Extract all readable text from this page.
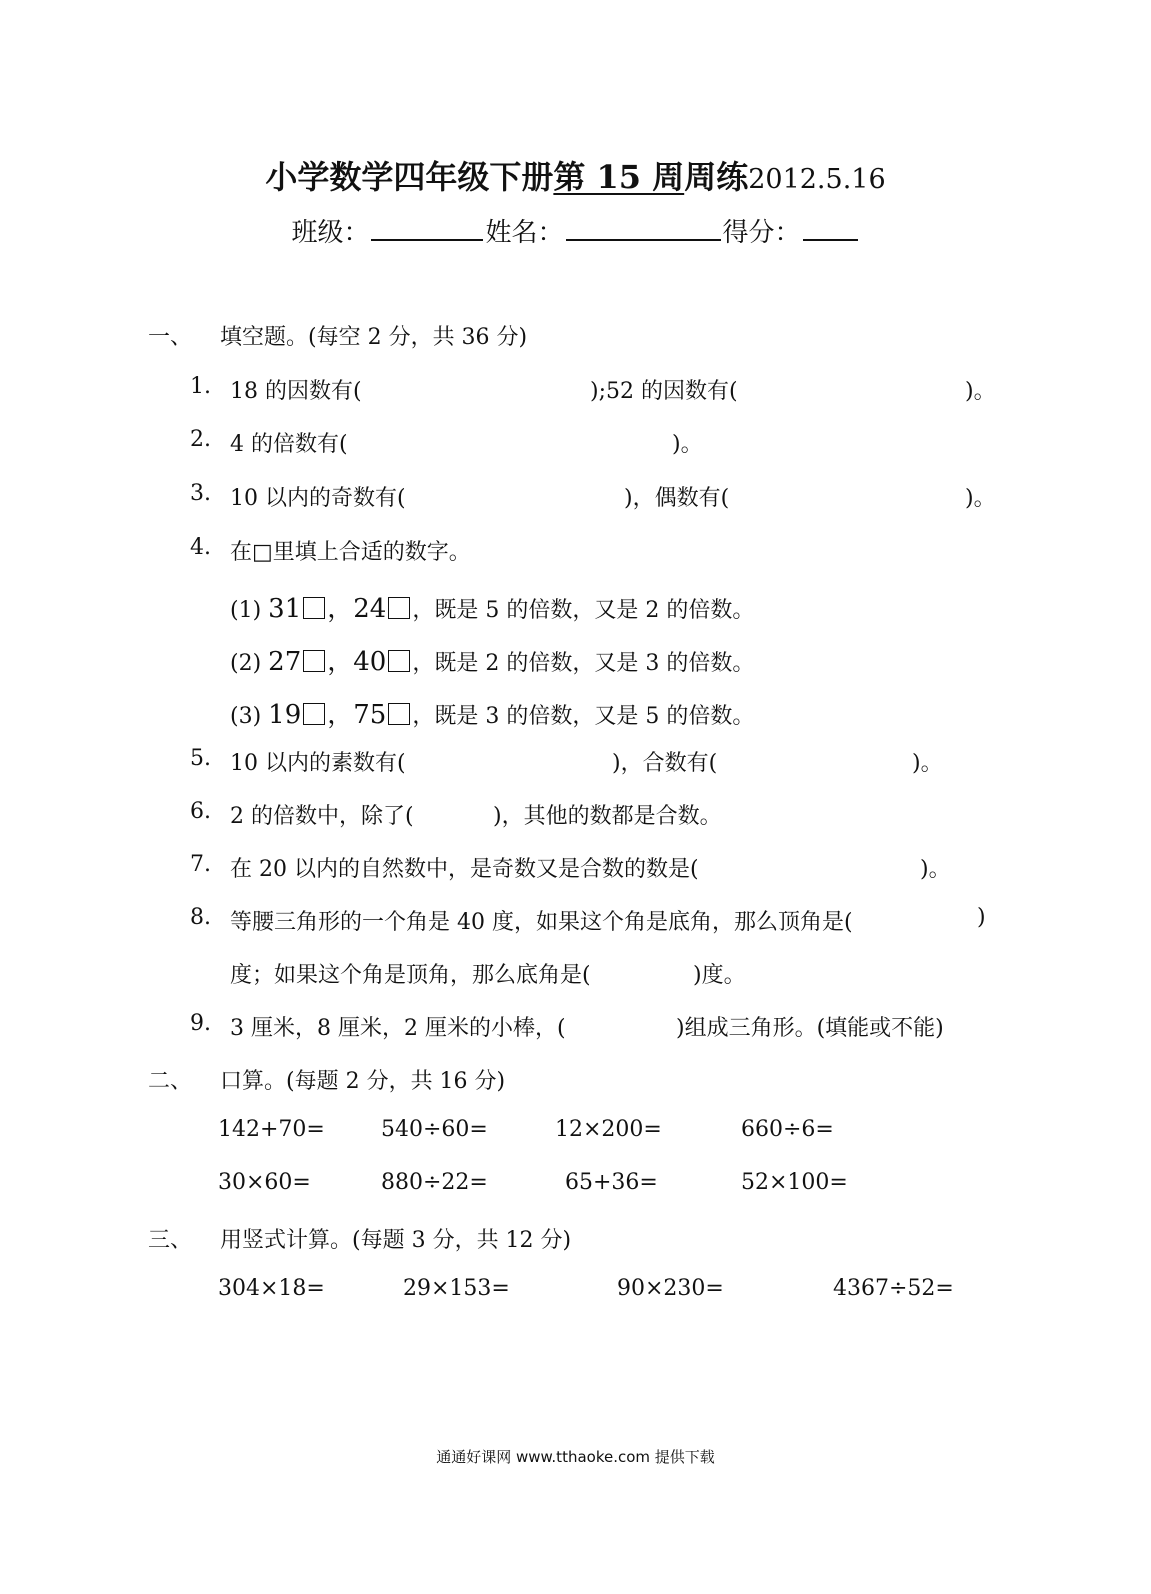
小学数学四年级下册第 15 周周练2012.5.16
班级：	姓名：	得分：
一、 填空题。(每空 2 分，共 36 分)
1. 18 的因数有(	);52 的因数有(	)。
2. 4 的倍数有(	)。
3. 10 以内的奇数有(	)，偶数有(	)。
4. 在□里填上合适的数字。
(1) 31 ，24 ，既是 5 的倍数，又是 2 的倍数。
(2) 27 ，40 ，既是 2 的倍数，又是 3 的倍数。
(3) 19 ，75 ，既是 3 的倍数，又是 5 的倍数。
5. 10 以内的素数有(	)，合数有(	)。
6. 2 的倍数中，除了(	)，其他的数都是合数。
7. 在 20 以内的自然数中，是奇数又是合数的数是(	)。
8. 等腰三角形的一个角是 40 度，如果这个角是底角，那么顶角是(	)
度；如果这个角是顶角，那么底角是(	)度。
9. 3 厘米，8 厘米，2 厘米的小棒，(	)组成三角形。(填能或不能)
二、 口算。(每题 2 分，共 16 分)
142+70=	540÷60=	12×200=	660÷6=
30×60=	880÷22=	65+36=	52×100=
三、 用竖式计算。(每题 3 分，共 12 分)
304×18=	29×153=	90×230=	4367÷52=
通通好课网 www.tthaoke.com 提供下载
